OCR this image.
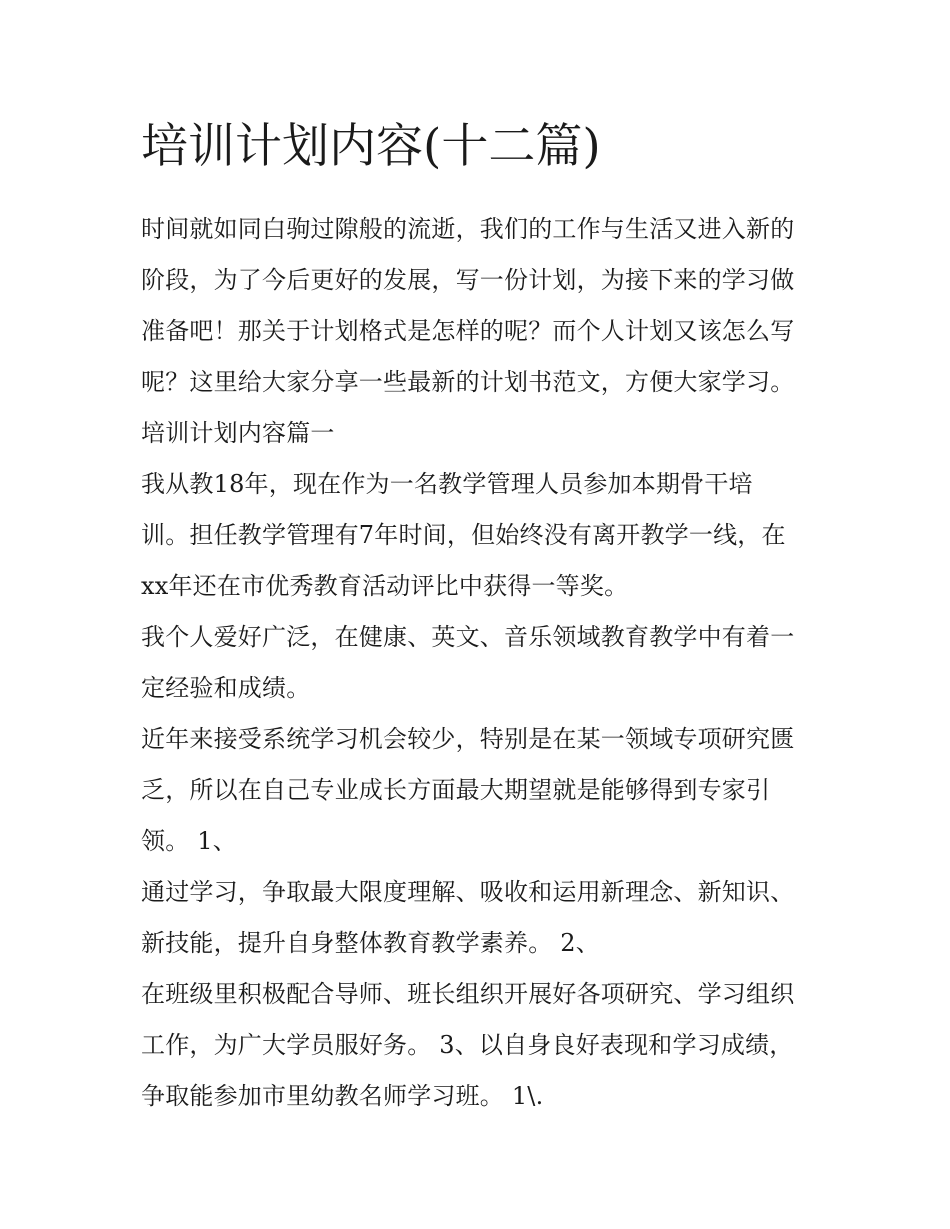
培训计划内容(十二篇)

时间就如同白驹过隙般的流逝，我们的工作与生活又进入新的
阶段，为了今后更好的发展，写一份计划，为接下来的学习做
准备吧！那关于计划格式是怎样的呢？而个人计划又该怎么写
呢？这里给大家分享一些最新的计划书范文，方便大家学习。

培训计划内容篇一

我从教18年，现在作为一名教学管理人员参加本期骨干培
训。担任教学管理有7年时间，但始终没有离开教学一线，在
xx年还在市优秀教育活动评比中获得一等奖。

我个人爱好广泛，在健康、英文、音乐领域教育教学中有着一
定经验和成绩。

近年来接受系统学习机会较少，特别是在某一领域专项研究匮
乏，所以在自己专业成长方面最大期望就是能够得到专家引
领。 1、

通过学习，争取最大限度理解、吸收和运用新理念、新知识、
新技能，提升自身整体教育教学素养。 2、

在班级里积极配合导师、班长组织开展好各项研究、学习组织
工作，为广大学员服好务。 3、以自身良好表现和学习成绩，
争取能参加市里幼教名师学习班。 1\.
